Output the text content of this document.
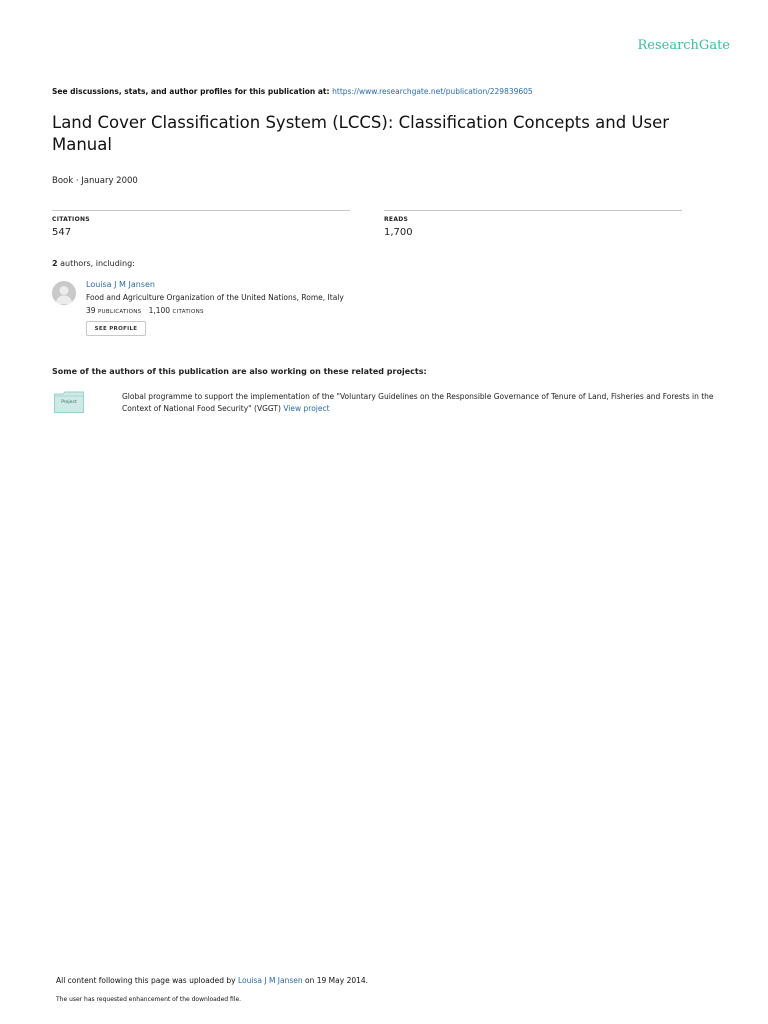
ResearchGate
See discussions, stats, and author profiles for this publication at: https://www.researchgate.net/publication/229839605
Land Cover Classification System (LCCS): Classification Concepts and User Manual
Book · January 2000
CITATIONS
547
READS
1,700
2 authors, including:
Louisa J M Jansen
Food and Agriculture Organization of the United Nations, Rome, Italy
39 PUBLICATIONS 1,100 CITATIONS
SEE PROFILE
Some of the authors of this publication are also working on these related projects:
Project
Global programme to support the implementation of the "Voluntary Guidelines on the Responsible Governance of Tenure of Land, Fisheries and Forests in the Context of National Food Security" (VGGT) View project
All content following this page was uploaded by Louisa J M Jansen on 19 May 2014.
The user has requested enhancement of the downloaded file.
